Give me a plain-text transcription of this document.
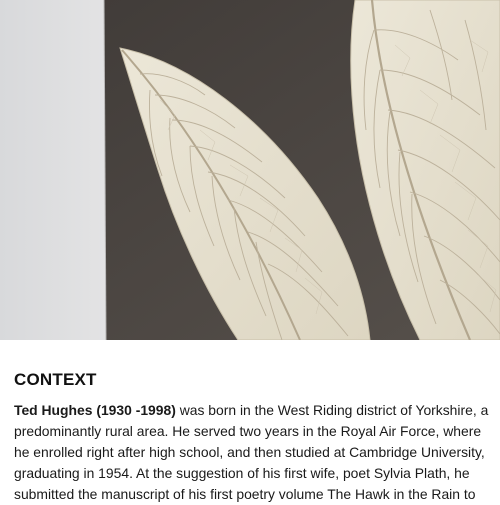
CONTEXT

Ted Hughes (1930 -1998) was born in the West Riding district of Yorkshire, a predominantly rural area. He served two years in the Royal Air Force, where he enrolled right after high school, and then studied at Cambridge University, graduating in 1954. At the suggestion of his first wife, poet Sylvia Plath, he submitted the manuscript of his first poetry volume The Hawk in the Rain to
